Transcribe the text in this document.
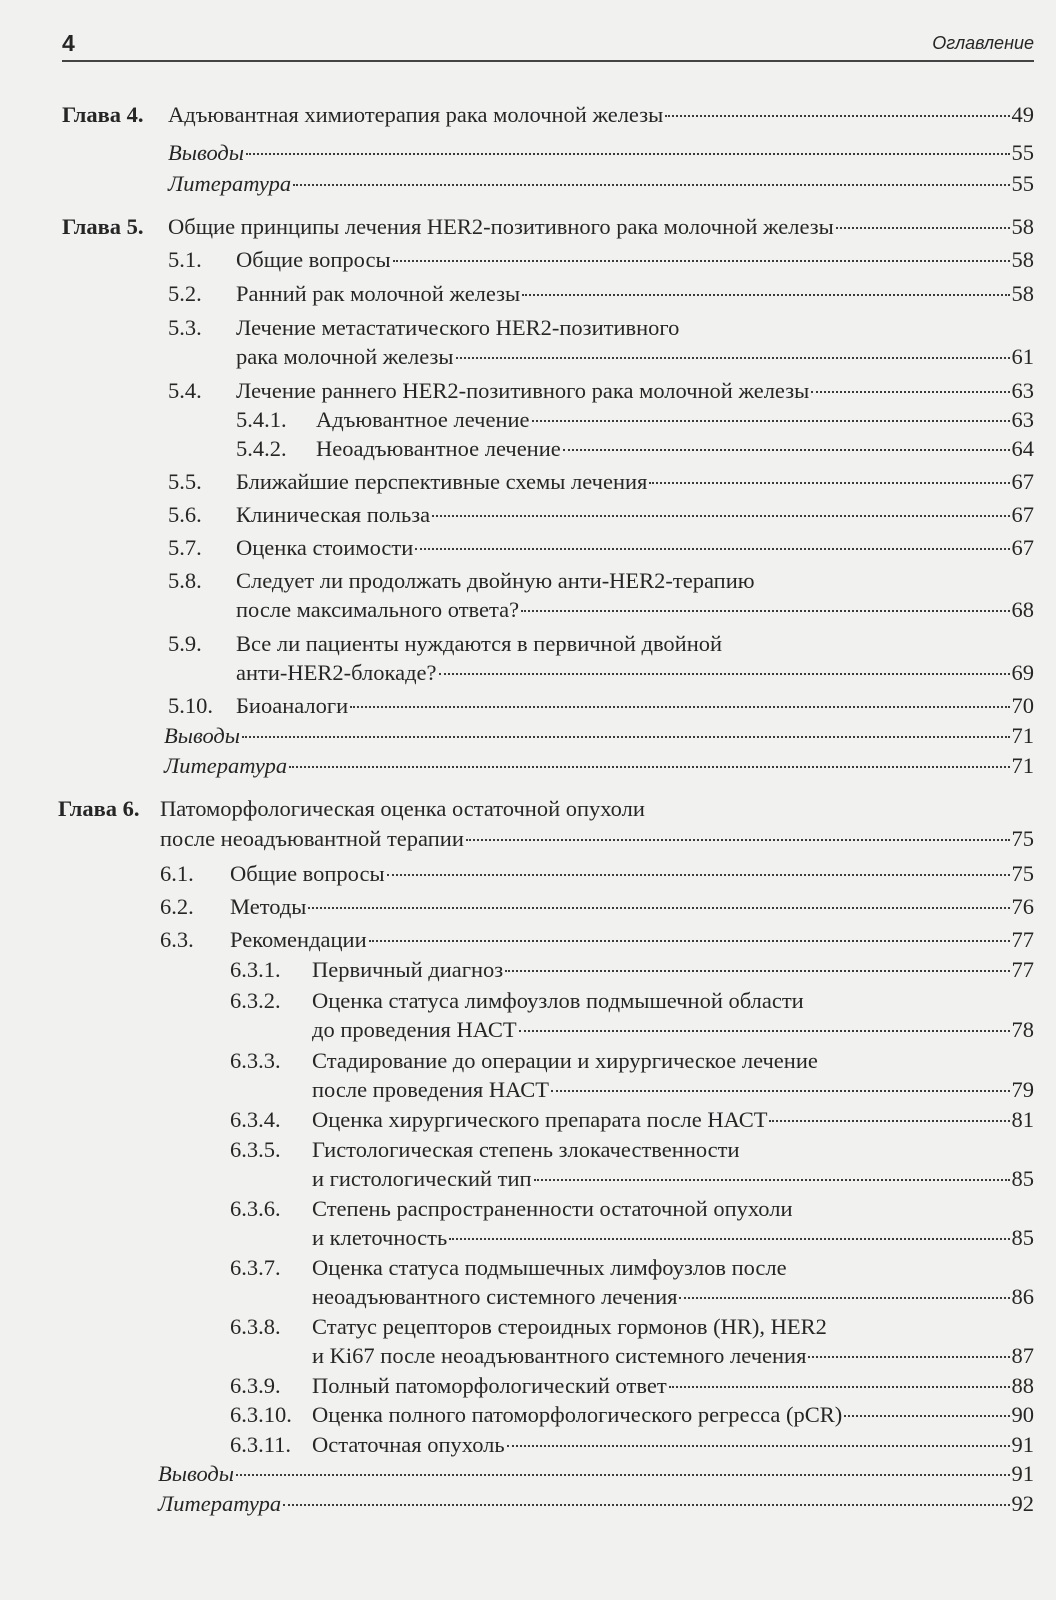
4	Оглавление
Глава 4. Адъювантная химиотерапия рака молочной железы	49
Выводы	55
Литература	55
Глава 5. Общие принципы лечения HER2-позитивного рака молочной железы	58
5.1. Общие вопросы	58
5.2. Ранний рак молочной железы	58
5.3. Лечение метастатического HER2-позитивного
рака молочной железы	61
5.4. Лечение раннего HER2-позитивного рака молочной железы	63
5.4.1. Адъювантное лечение	63
5.4.2. Неоадъювантное лечение	64
5.5. Ближайшие перспективные схемы лечения	67
5.6. Клиническая польза	67
5.7. Оценка стоимости	67
5.8. Следует ли продолжать двойную анти-HER2-терапию
после максимального ответа?	68
5.9. Все ли пациенты нуждаются в первичной двойной
анти-HER2-блокаде?	69
5.10. Биоаналоги	70
Выводы	71
Литература	71
Глава 6. Патоморфологическая оценка остаточной опухоли
после неоадъювантной терапии	75
6.1. Общие вопросы	75
6.2. Методы	76
6.3. Рекомендации	77
6.3.1. Первичный диагноз	77
6.3.2. Оценка статуса лимфоузлов подмышечной области
до проведения НАСТ	78
6.3.3. Стадирование до операции и хирургическое лечение
после проведения НАСТ	79
6.3.4. Оценка хирургического препарата после НАСТ	81
6.3.5. Гистологическая степень злокачественности
и гистологический тип	85
6.3.6. Степень распространенности остаточной опухоли
и клеточность	85
6.3.7. Оценка статуса подмышечных лимфоузлов после
неоадъювантного системного лечения	86
6.3.8. Статус рецепторов стероидных гормонов (HR), HER2
и Ki67 после неоадъювантного системного лечения	87
6.3.9. Полный патоморфологический ответ	88
6.3.10. Оценка полного патоморфологического регресса (pCR)	90
6.3.11. Остаточная опухоль	91
Выводы	91
Литература	92
